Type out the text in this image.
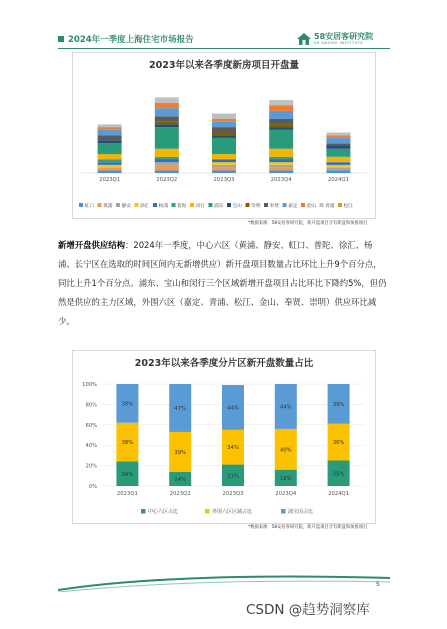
2024年一季度上海住宅市场报告	58安居客研究院
58 ANJUKE INSTITUTE
2023年以来各季度新房项目开盘量
2023Q1	2023Q2	2023Q3	2023Q4	2024Q1
虹口 黄浦 静安 徐汇 杨浦 普陀 闵行 浦东 宝山 崇明 奉贤 嘉定 金山 青浦 松江
*数据来源：58安居客研究院，新开盘项目含有新盘和加推项目
新增开盘供应结构：2024年一季度，中心六区（黄浦、静安、虹口、普陀、徐汇、杨浦、长宁区在选取的时间区间内无新增供应）新开盘项目数量占比环比上升9个百分点，同比上升1个百分点。浦东、宝山和闵行三个区域新增开盘项目占比环比下降约5%，但仍然是供应的主力区域，外围六区（嘉定、青浦、松江、金山、奉贤、崇明）供应环比减少。
2023年以来各季度分片区新开盘数量占比
0%
20%
40%
60%
80%
100%
24%
38%
38%
2023Q1
14%
39%
47%
2023Q2
21%
34%
44%
2023Q3
16%
40%
44%
2023Q4
25%
36%
39%
2024Q1
中心六区占比	外围六区区域占比	浦宝闵占比
*数据来源：58安居客研究院，新开盘项目含有新盘和加推项目
5
CSDN @趋势洞察库
